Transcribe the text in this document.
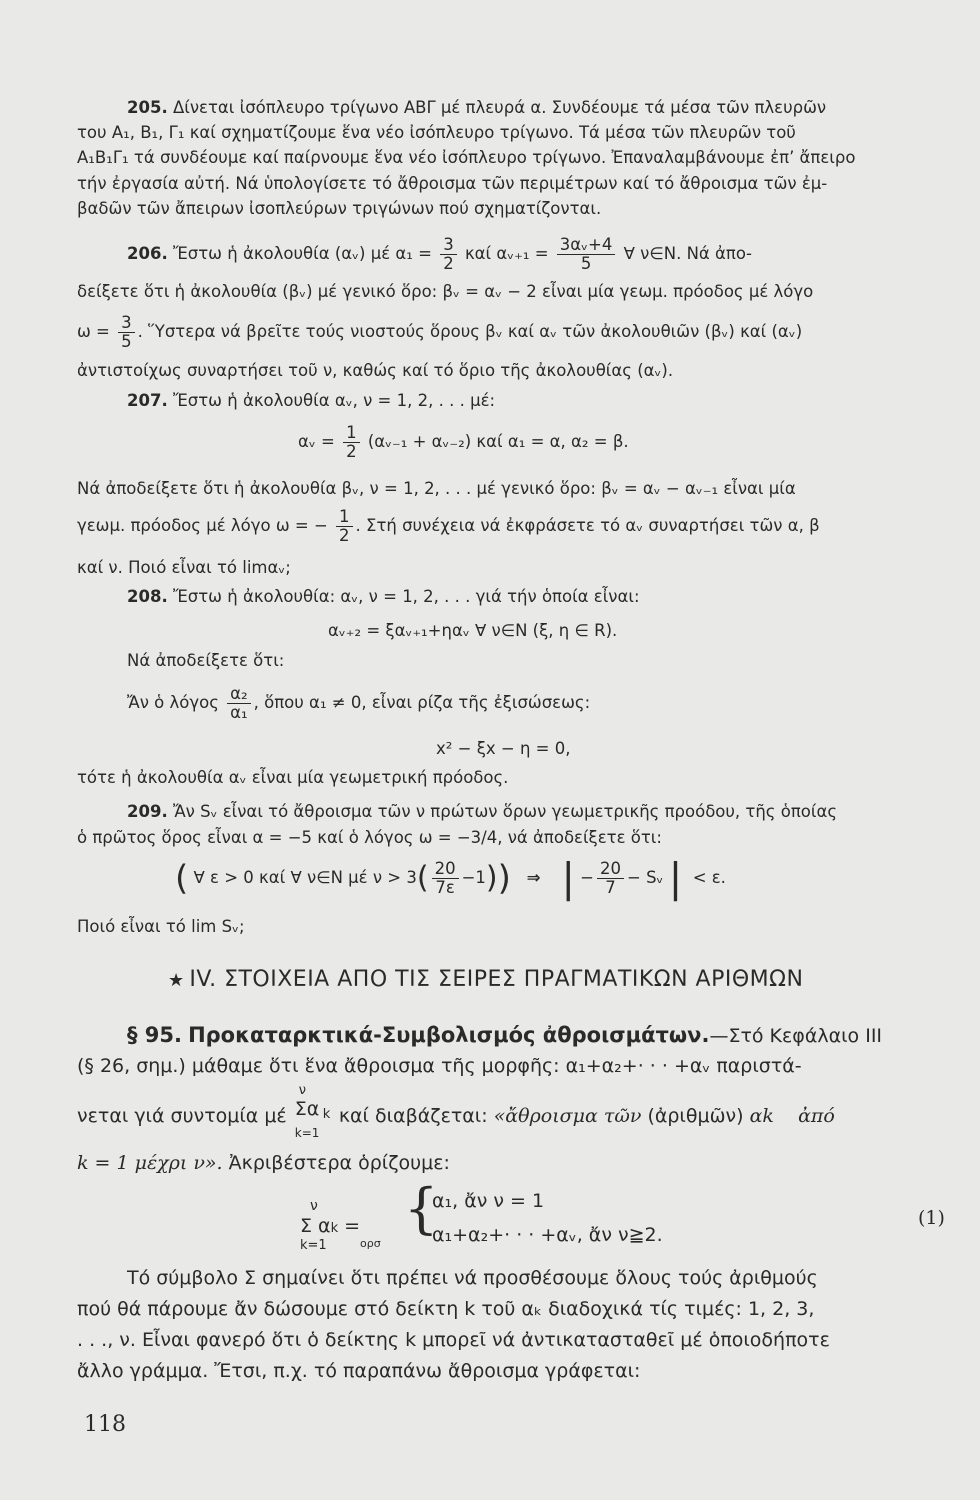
205. Δίνεται ἰσόπλευρο τρίγωνο ΑΒΓ μέ πλευρά α. Συνδέουμε τά μέσα τῶν πλευρῶν
του Α₁, Β₁, Γ₁ καί σχηματίζουμε ἕνα νέο ἰσόπλευρο τρίγωνο. Τά μέσα τῶν πλευρῶν τοῦ
Α₁Β₁Γ₁ τά συνδέουμε καί παίρνουμε ἕνα νέο ἰσόπλευρο τρίγωνο. Ἐπαναλαμβάνουμε ἐπ’ ἄπειρο
τήν ἐργασία αὐτή. Νά ὑπολογίσετε τό ἄθροισμα τῶν περιμέτρων καί τό ἄθροισμα τῶν ἐμ-
βαδῶν τῶν ἄπειρων ἰσοπλεύρων τριγώνων πού σχηματίζονται.
206. Ἔστω ἡ ἀκολουθία (αᵥ) μέ $\alpha_1 = \frac{3}{2}$ καί αᵥ₊₁ = $\frac{\text{3αᵥ+4}}{5}$ ∀ ν∈N. Νά ἀπο-
δείξετε ὅτι ἡ ἀκολουθία (βᵥ) μέ γενικό ὅρο: βᵥ = αᵥ − 2 εἶναι μία γεωμ. πρόοδος μέ λόγο
$\omega = \frac{3}{5}$ . Ὕστερα νά βρεῖτε τούς νιοστούς ὅρους βᵥ καί αᵥ τῶν ἀκολουθιῶν (βᵥ) καί (αᵥ)
ἀντιστοίχως συναρτήσει τοῦ ν, καθώς καί τό ὅριο τῆς ἀκολουθίας (αᵥ).
207. Ἔστω ἡ ἀκολουθία αᵥ, ν = 1, 2, . . . μέ:
αᵥ = $\frac{1}{2}$ (αᵥ₋₁ + αᵥ₋₂) καί α₁ = α, α₂ = β.
Νά ἀποδείξετε ὅτι ἡ ἀκολουθία βᵥ, ν = 1, 2, . . . μέ γενικό ὅρο: βᵥ = αᵥ − αᵥ₋₁ εἶναι μία
γεωμ. πρόοδος μέ λόγο ω = − $\frac{1}{2}$ . Στή συνέχεια νά ἐκφράσετε τό αᵥ συναρτήσει τῶν α, β
καί ν. Ποιό εἶναι τό limαᵥ;
208. Ἔστω ἡ ἀκολουθία: αᵥ, ν = 1, 2, . . . γιά τήν ὁποία εἶναι:
αᵥ₊₂ = ξαᵥ₊₁+ηαᵥ ∀ ν∈N (ξ, η ∈ R).
Νά ἀποδείξετε ὅτι:
Ἄν ὁ λόγος $\frac{\text{α₂}}{\text{α₁}}$ , ὅπου α₁ ≠ 0, εἶναι ρίζα τῆς ἐξισώσεως:
x² − ξx − η = 0,
τότε ἡ ἀκολουθία αᵥ εἶναι μία γεωμετρική πρόοδος.
209. Ἄν Sᵥ εἶναι τό ἄθροισμα τῶν ν πρώτων ὅρων γεωμετρικῆς προόδου, τῆς ὁποίας
ὁ πρῶτος ὅρος εἶναι α = −5 καί ὁ λόγος ω = −3/4, νά ἀποδείξετε ὅτι:
( ∀ ε > 0 καί ∀ ν∈N μέ $\nu > 3( \frac{20}{7\varepsilon} -1)$) ⇒ | − $\frac{20}{7}$ − Sᵥ | < ε.
Ποιό εἶναι τό lim Sᵥ;
★ IV. ΣΤΟΙΧΕΙΑ ΑΠΟ ΤΙΣ ΣΕΙΡΕΣ ΠΡΑΓΜΑΤΙΚΩΝ ΑΡΙΘΜΩΝ
§ 95. Προκαταρκτικά-Συμβολισμός ἀθροισμάτων.—Στό Κεφάλαιο III
(§ 26, σημ.) μάθαμε ὅτι ἕνα ἄθροισμα τῆς μορφῆς: α₁+α₂+· · · +αᵥ παριστά-
νεται γιά συντομία μέ
ν
Σα k
k=1
καί διαβάζεται: «ἄθροισμα τῶν (ἀριθμῶν) αk ἀπό
k = 1 μέχρι ν». Ἀκριβέστερα ὁρίζουμε:
ν
Σ αk =
k=1	ορσ
{
α₁, ἄν ν = 1
α₁+α₂+· · · +αᵥ, ἄν ν≧2.
(1)
Τό σύμβολο Σ σημαίνει ὅτι πρέπει νά προσθέσουμε ὅλους τούς ἀριθμούς
πού θά πάρουμε ἄν δώσουμε στό δείκτη k τοῦ αₖ διαδοχικά τίς τιμές: 1, 2, 3,
. . ., ν. Εἶναι φανερό ὅτι ὁ δείκτης k μπορεῖ νά ἀντικατασταθεῖ μέ ὁποιοδήποτε
ἄλλο γράμμα. Ἔτσι, π.χ. τό παραπάνω ἄθροισμα γράφεται:
118
